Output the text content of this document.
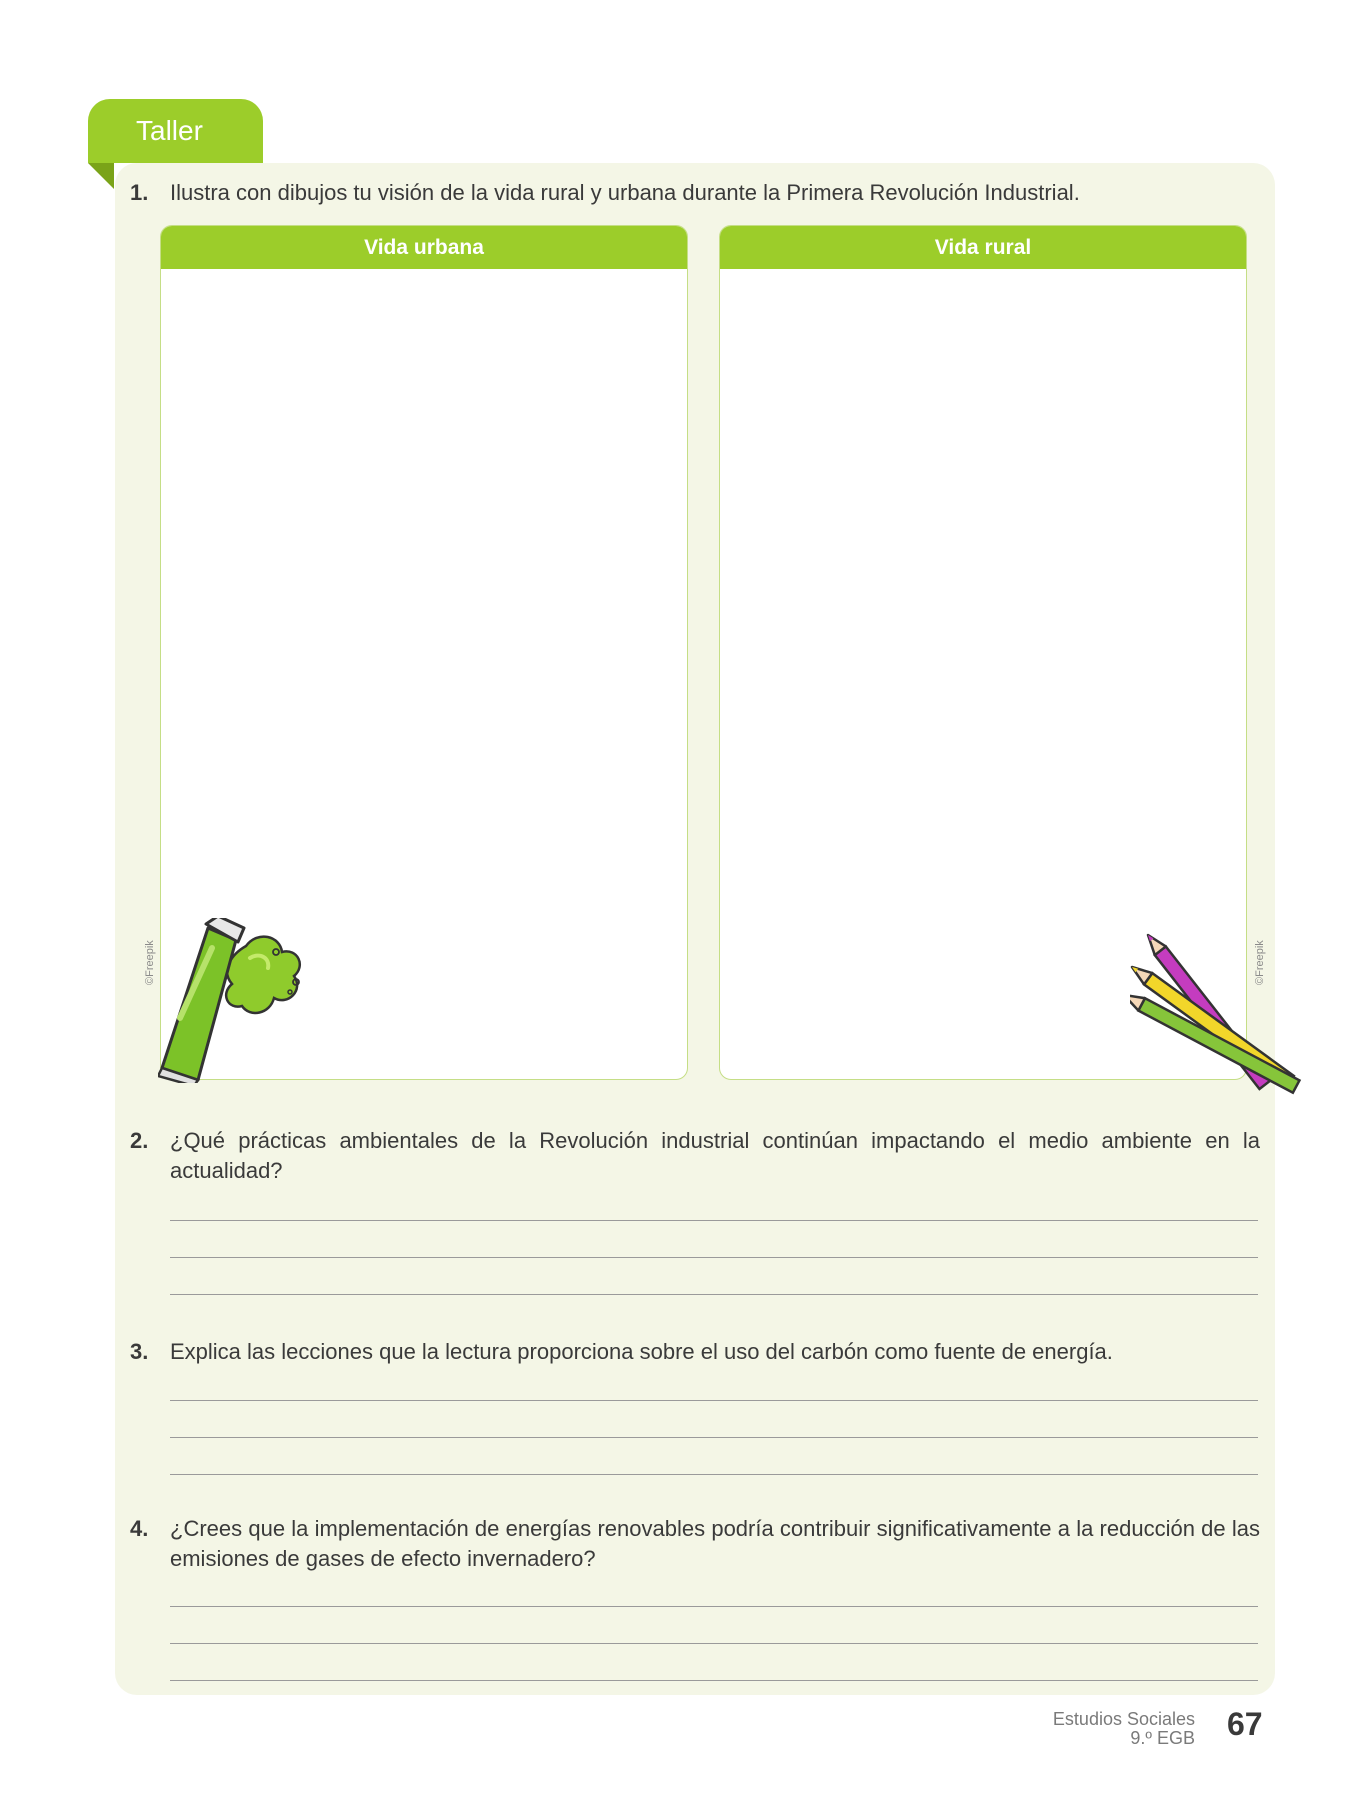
Taller
1. Ilustra con dibujos tu visión de la vida rural y urbana durante la Primera Revolución Industrial.
Vida urbana	Vida rural
©Freepik	©Freepik
2. ¿Qué prácticas ambientales de la Revolución industrial continúan impactando el medio ambiente en la actualidad?
3. Explica las lecciones que la lectura proporciona sobre el uso del carbón como fuente de energía.
4. ¿Crees que la implementación de energías renovables podría contribuir significativamente a la reducción de las emisiones de gases de efecto invernadero?
Estudios Sociales
9.º EGB 67
